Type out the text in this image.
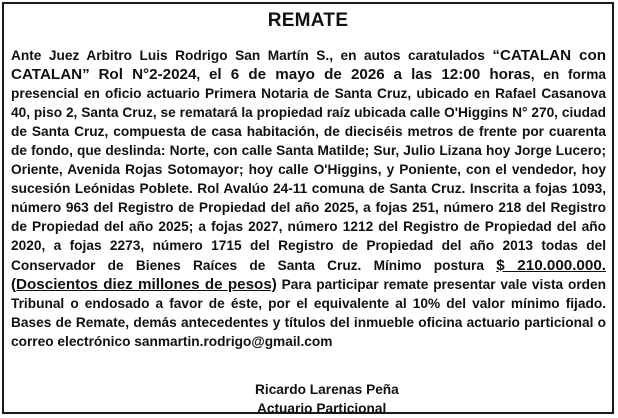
REMATE

Ante Juez Arbitro Luis Rodrigo San Martín S., en autos caratulados “CATALAN con CATALAN” Rol N°2-2024, el 6 de mayo de 2026 a las 12:00 horas, en forma presencial en oficio actuario Primera Notaria de Santa Cruz, ubicado en Rafael Casanova 40, piso 2, Santa Cruz, se rematará la propiedad raíz ubicada calle O'Higgins N° 270, ciudad de Santa Cruz, compuesta de casa habitación, de dieciséis metros de frente por cuarenta de fondo, que deslinda: Norte, con calle Santa Matilde; Sur, Julio Lizana hoy Jorge Lucero; Oriente, Avenida Rojas Sotomayor; hoy calle O'Higgins, y Poniente, con el vendedor, hoy sucesión Leónidas Poblete. Rol Avalúo 24-11 comuna de Santa Cruz. Inscrita a fojas 1093, número 963 del Registro de Propiedad del año 2025, a fojas 251, número 218 del Registro de Propiedad del año 2025; a fojas 2027, número 1212 del Registro de Propiedad del año 2020, a fojas 2273, número 1715 del Registro de Propiedad del año 2013 todas del Conservador de Bienes Raíces de Santa Cruz. Mínimo postura $ 210.000.000. (Doscientos diez millones de pesos) Para participar remate presentar vale vista orden Tribunal o endosado a favor de éste, por el equivalente al 10% del valor mínimo fijado. Bases de Remate, demás antecedentes y títulos del inmueble oficina actuario particional o correo electrónico sanmartin.rodrigo@gmail.com

Ricardo Larenas Peña
Actuario Particional
